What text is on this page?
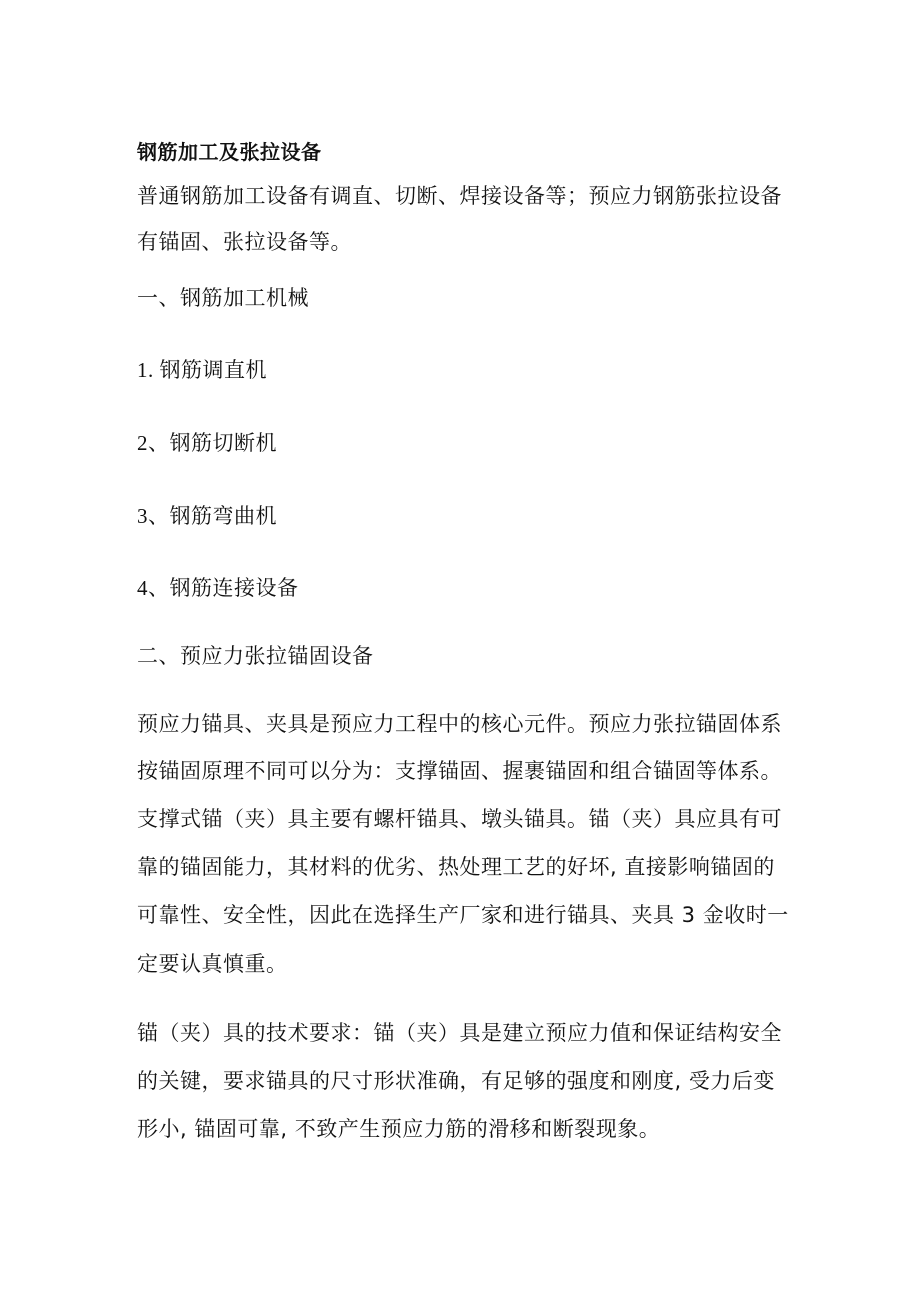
钢筋加工及张拉设备

普通钢筋加工设备有调直、切断、焊接设备等；预应力钢筋张拉设备

有锚固、张拉设备等。

一、钢筋加工机械

1. 钢筋调直机

2、钢筋切断机

3、钢筋弯曲机

4、钢筋连接设备

二、预应力张拉锚固设备

预应力锚具、夹具是预应力工程中的核心元件。预应力张拉锚固体系

按锚固原理不同可以分为：支撑锚固、握裹锚固和组合锚固等体系。

支撑式锚（夹）具主要有螺杆锚具、墩头锚具。锚（夹）具应具有可

靠的锚固能力，其材料的优劣、热处理工艺的好坏, 直接影响锚固的

可靠性、安全性，因此在选择生产厂家和进行锚具、夹具 3 金收时一

定要认真慎重。

锚（夹）具的技术要求：锚（夹）具是建立预应力值和保证结构安全

的关键，要求锚具的尺寸形状准确，有足够的强度和刚度, 受力后变

形小, 锚固可靠, 不致产生预应力筋的滑移和断裂现象。
